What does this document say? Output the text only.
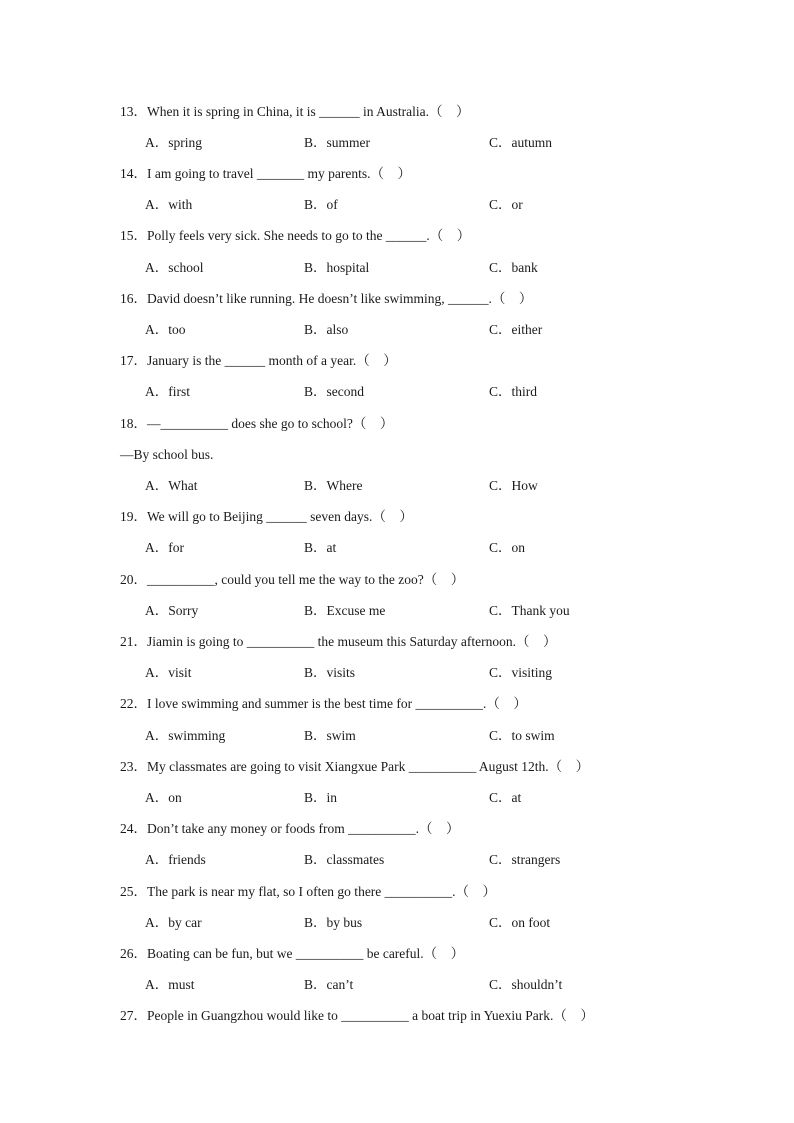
13．When it is spring in China, it is ______ in Australia.（　）
A．spring	B．summer	C．autumn
14．I am going to travel _______ my parents.（　）
A．with	B．of	C．or
15．Polly feels very sick. She needs to go to the ______.（　）
A．school	B．hospital	C．bank
16．David doesn’t like running. He doesn’t like swimming, ______.（　）
A．too	B．also	C．either
17．January is the ______ month of a year.（　）
A．first	B．second	C．third
18．—__________ does she go to school?（　）
—By school bus.
A．What	B．Where	C．How
19．We will go to Beijing ______ seven days.（　）
A．for	B．at	C．on
20．__________, could you tell me the way to the zoo?（　）
A．Sorry	B．Excuse me	C．Thank you
21．Jiamin is going to __________ the museum this Saturday afternoon.（　）
A．visit	B．visits	C．visiting
22．I love swimming and summer is the best time for __________.（　）
A．swimming	B．swim	C．to swim
23．My classmates are going to visit Xiangxue Park __________ August 12th.（　）
A．on	B．in	C．at
24．Don’t take any money or foods from __________.（　）
A．friends	B．classmates	C．strangers
25．The park is near my flat, so I often go there __________.（　）
A．by car	B．by bus	C．on foot
26．Boating can be fun, but we __________ be careful.（　）
A．must	B．can’t	C．shouldn’t
27．People in Guangzhou would like to __________ a boat trip in Yuexiu Park.（　）
